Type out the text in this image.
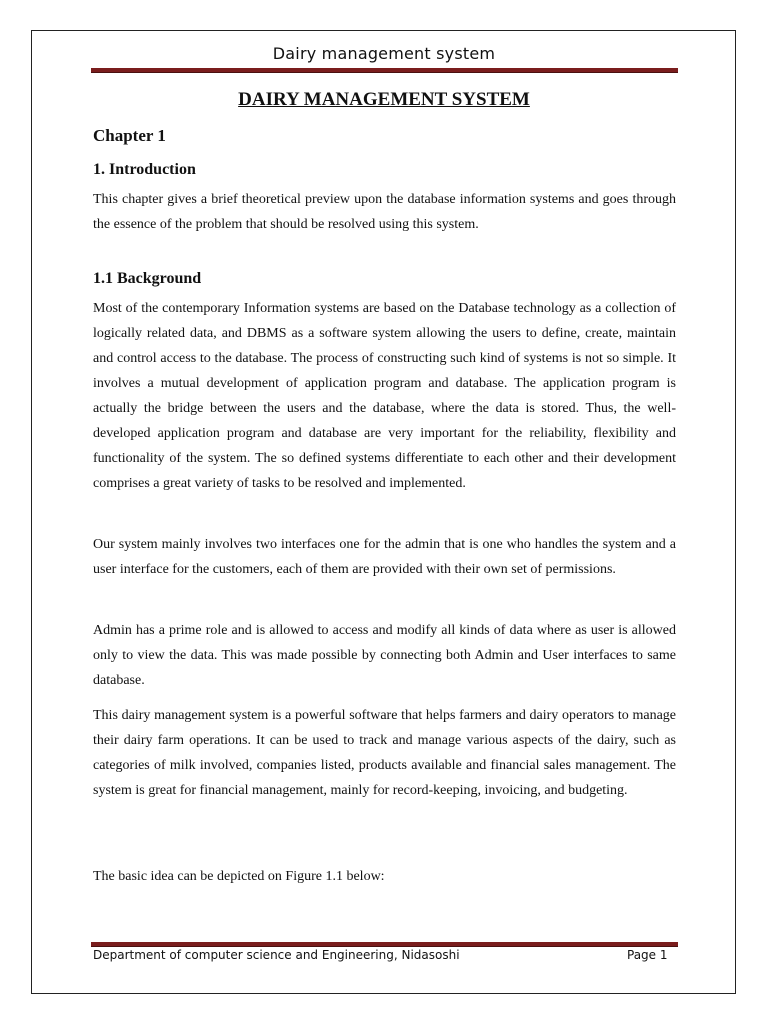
Dairy management system
DAIRY MANAGEMENT SYSTEM
Chapter 1
1. Introduction

This chapter gives a brief theoretical preview upon the database information systems and goes through the essence of the problem that should be resolved using this system.

1.1 Background

Most of the contemporary Information systems are based on the Database technology as a collection of logically related data, and DBMS as a software system allowing the users to define, create, maintain and control access to the database. The process of constructing such kind of systems is not so simple. It involves a mutual development of application program and database. The application program is actually the bridge between the users and the database, where the data is stored. Thus, the well-developed application program and database are very important for the reliability, flexibility and functionality of the system. The so defined systems differentiate to each other and their development comprises a great variety of tasks to be resolved and implemented.

Our system mainly involves two interfaces one for the admin that is one who handles the system and a user interface for the customers, each of them are provided with their own set of permissions.

Admin has a prime role and is allowed to access and modify all kinds of data where as user is allowed only to view the data. This was made possible by connecting both Admin and User interfaces to same database.

This dairy management system is a powerful software that helps farmers and dairy operators to manage their dairy farm operations. It can be used to track and manage various aspects of the dairy, such as categories of milk involved, companies listed, products available and financial sales management. The system is great for financial management, mainly for record-keeping, invoicing, and budgeting.

The basic idea can be depicted on Figure 1.1 below:

Department of computer science and Engineering, Nidasoshi	Page 1
